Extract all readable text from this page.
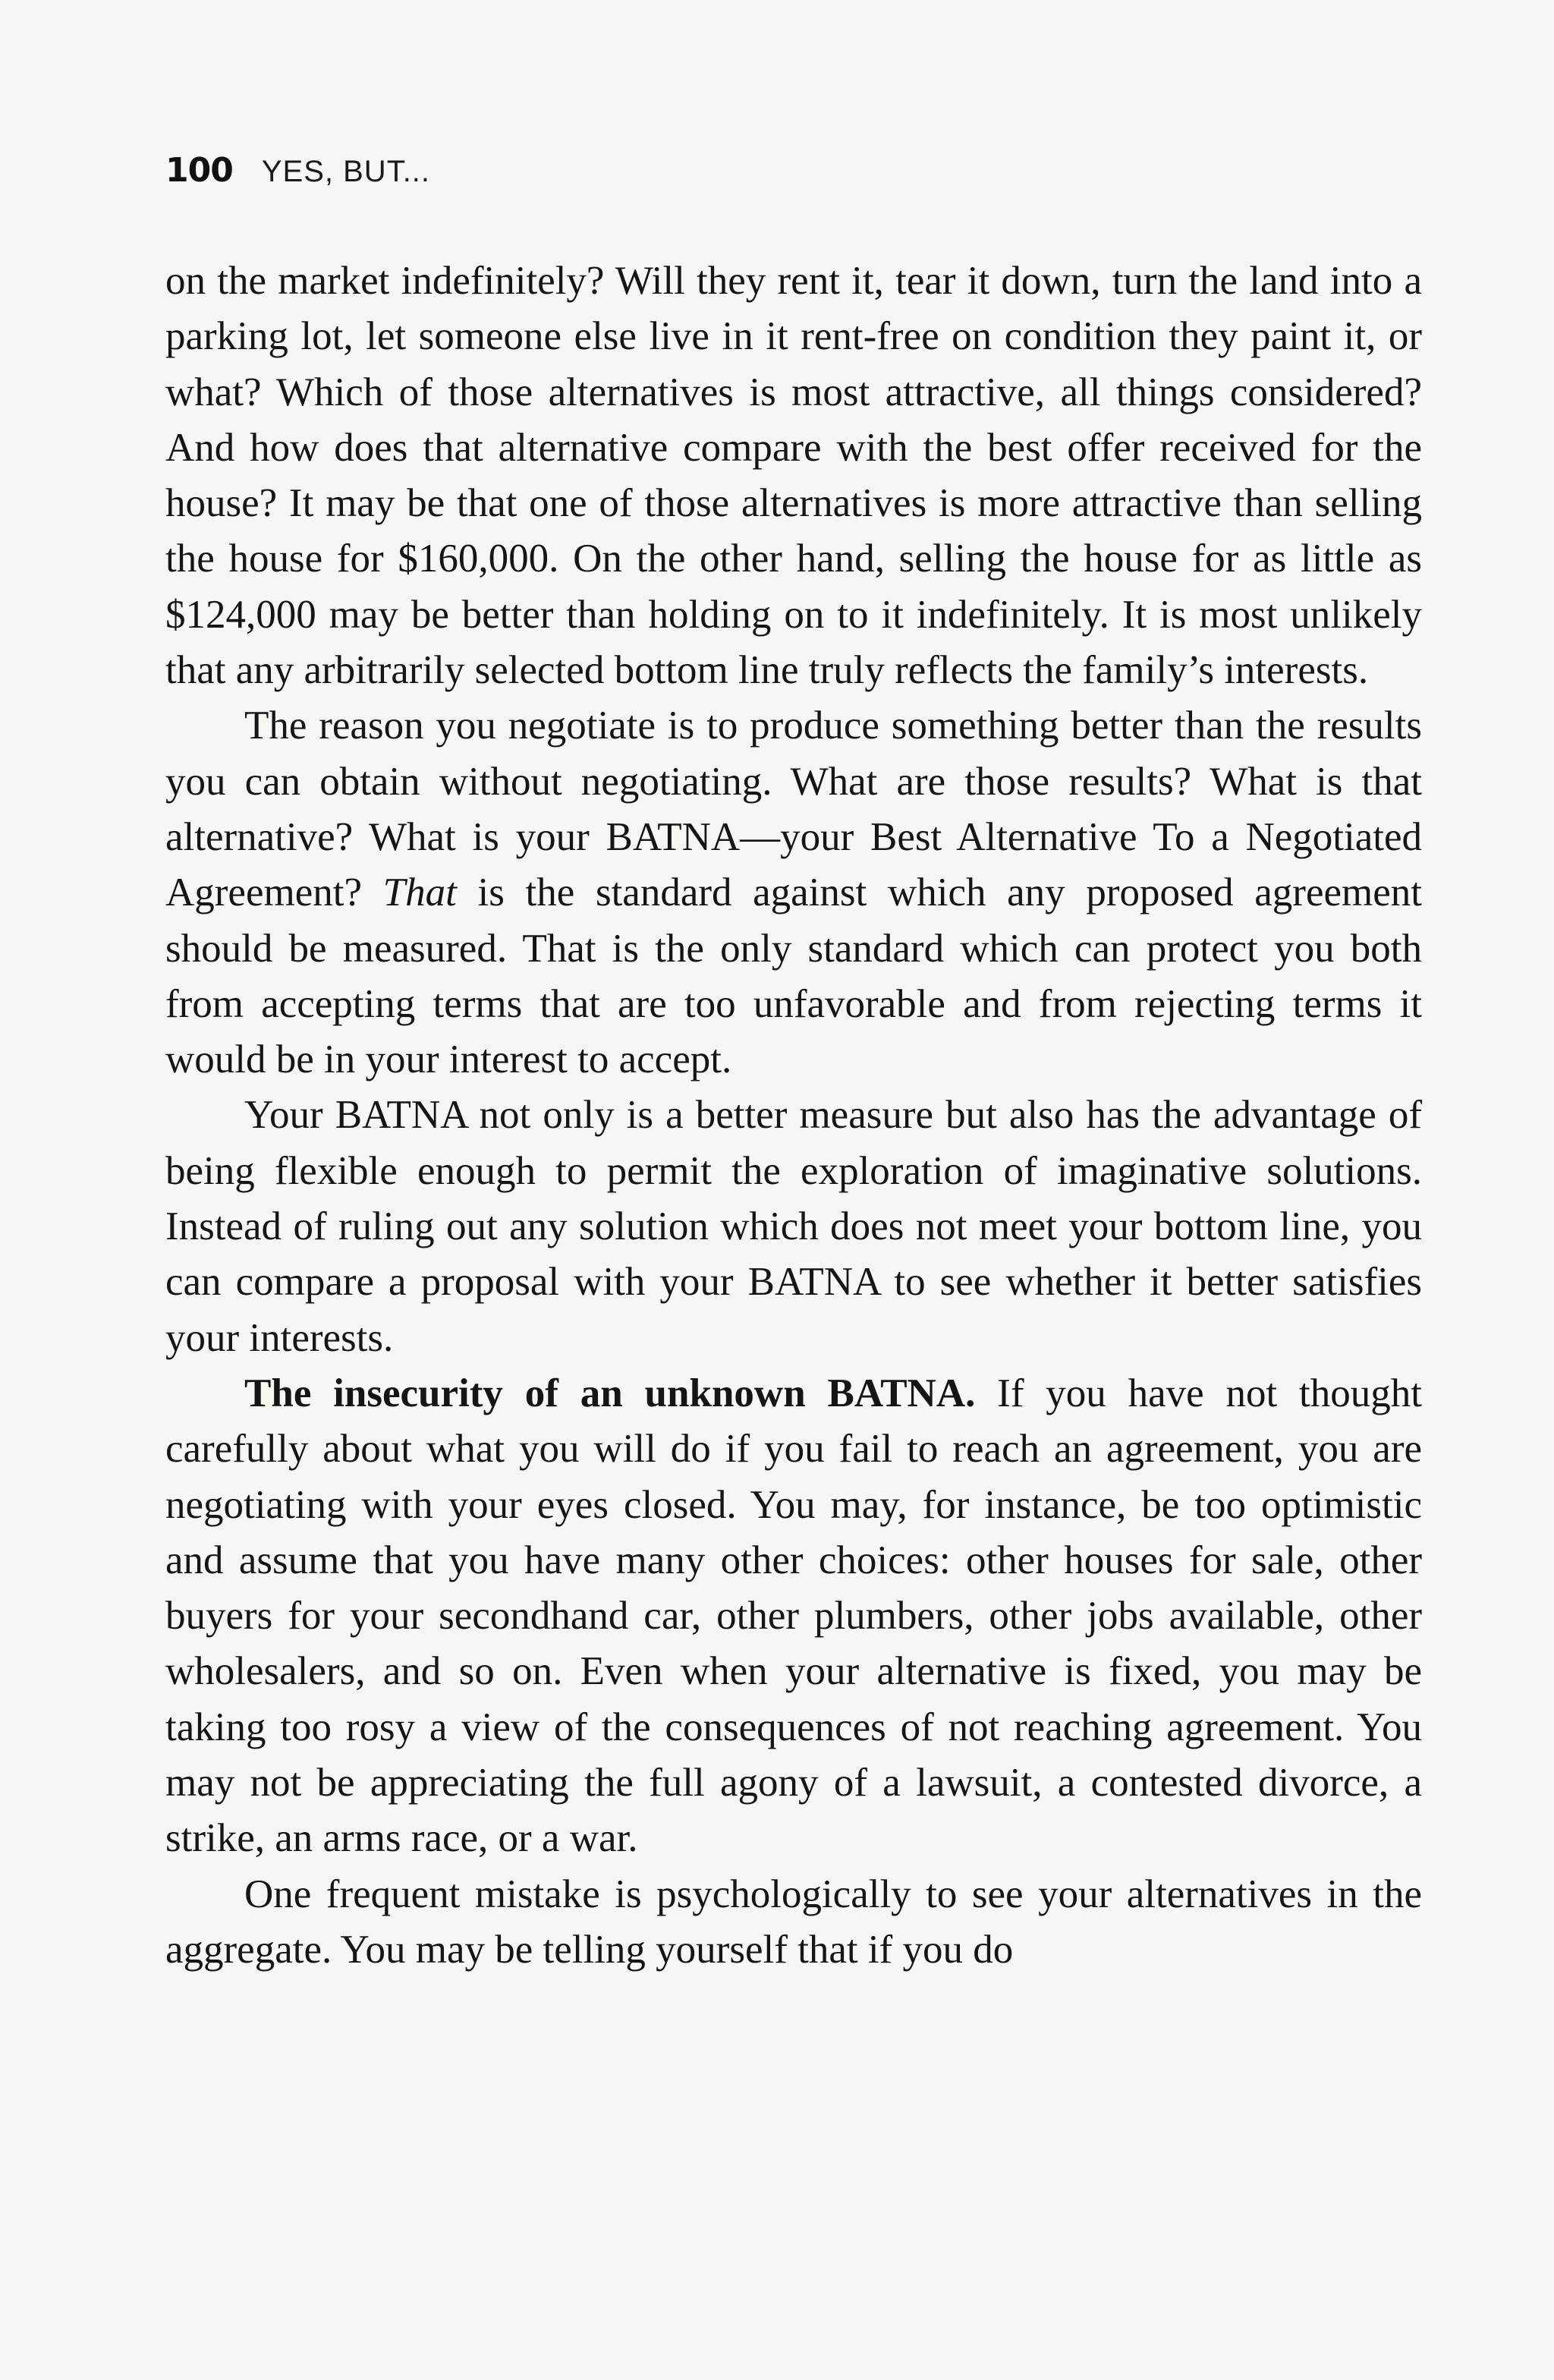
100 YES, BUT...

on the market indefinitely? Will they rent it, tear it down, turn the land into a parking lot, let someone else live in it rent-free on condition they paint it, or what? Which of those alternatives is most attractive, all things considered? And how does that alternative compare with the best offer received for the house? It may be that one of those alternatives is more attractive than selling the house for $160,000. On the other hand, selling the house for as little as $124,000 may be better than holding on to it indefinitely. It is most unlikely that any arbitrarily selected bottom line truly reflects the family’s interests.

The reason you negotiate is to produce something better than the results you can obtain without negotiating. What are those results? What is that alternative? What is your BATNA—your Best Alternative To a Negotiated Agreement? That is the standard against which any proposed agreement should be measured. That is the only standard which can protect you both from accepting terms that are too unfavorable and from rejecting terms it would be in your interest to accept.

Your BATNA not only is a better measure but also has the advantage of being flexible enough to permit the exploration of imaginative solutions. Instead of ruling out any solution which does not meet your bottom line, you can compare a proposal with your BATNA to see whether it better satisfies your interests.

The insecurity of an unknown BATNA. If you have not thought carefully about what you will do if you fail to reach an agreement, you are negotiating with your eyes closed. You may, for instance, be too optimistic and assume that you have many other choices: other houses for sale, other buyers for your secondhand car, other plumbers, other jobs available, other wholesalers, and so on. Even when your alternative is fixed, you may be taking too rosy a view of the consequences of not reaching agreement. You may not be appreciating the full agony of a lawsuit, a contested divorce, a strike, an arms race, or a war.

One frequent mistake is psychologically to see your alternatives in the aggregate. You may be telling yourself that if you do
